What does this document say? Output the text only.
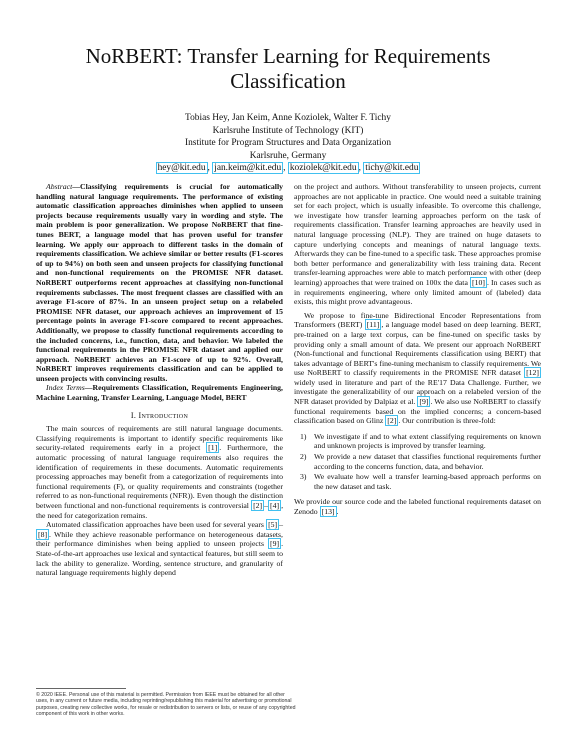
NoRBERT: Transfer Learning for Requirements
Classification
Tobias Hey, Jan Keim, Anne Koziolek, Walter F. Tichy
Karlsruhe Institute of Technology (KIT)
Institute for Program Structures and Data Organization
Karlsruhe, Germany
hey@kit.edu , jan.keim@kit.edu , koziolek@kit.edu , tichy@kit.edu

Abstract—Classifying requirements is crucial for automatically handling natural language requirements. The performance of existing automatic classification approaches diminishes when applied to unseen projects because requirements usually vary in wording and style. The main problem is poor generalization. We propose NoRBERT that fine-tunes BERT, a language model that has proven useful for transfer learning. We apply our approach to different tasks in the domain of requirements classification. We achieve similar or better results (F1-scores of up to 94%) on both seen and unseen projects for classifying functional and non-functional requirements on the PROMISE NFR dataset. NoRBERT outperforms recent approaches at classifying non-functional requirements subclasses. The most frequent classes are classified with an average F1-score of 87%. In an unseen project setup on a relabeled PROMISE NFR dataset, our approach achieves an improvement of 15 percentage points in average F1-score compared to recent approaches. Additionally, we propose to classify functional requirements according to the included concerns, i.e., function, data, and behavior. We labeled the functional requirements in the PROMISE NFR dataset and applied our approach. NoRBERT achieves an F1-score of up to 92%. Overall, NoRBERT improves requirements classification and can be applied to unseen projects with convincing results.

Index Terms—Requirements Classification, Requirements Engineering, Machine Learning, Transfer Learning, Language Model, BERT

I. Introduction

The main sources of requirements are still natural language documents. Classifying requirements is important to identify specific requirements like security-related requirements early in a project [1] . Furthermore, the automatic processing of natural language requirements also requires the identification of requirements in these documents. Automatic requirements processing approaches may benefit from a categorization of requirements into functional requirements (F), or quality requirements and constraints (together referred to as non-functional requirements (NFR)). Even though the distinction between functional and non-functional requirements is controversial [2] – [4] , the need for categorization remains.

Automated classification approaches have been used for several years [5] –[8] . While they achieve reasonable performance on heterogeneous datasets, their performance diminishes when being applied to unseen projects [9] . State-of-the-art approaches use lexical and syntactical features, but still seem to lack the ability to generalize. Wording, sentence structure, and granularity of natural language requirements highly depend

on the project and authors. Without transferability to unseen projects, current approaches are not applicable in practice. One would need a suitable training set for each project, which is usually infeasible. To overcome this challenge, we investigate how transfer learning approaches perform on the task of requirements classification. Transfer learning approaches are heavily used in natural language processing (NLP). They are trained on huge datasets to capture underlying concepts and meanings of natural language texts. Afterwards they can be fine-tuned to a specific task. These approaches promise both better performance and generalizability with less training data. Recent transfer-learning approaches were able to match performance with other (deep learning) approaches that were trained on 100x the data [10] . In cases such as in requirements engineering, where only limited amount of (labeled) data exists, this might prove advantageous.

We propose to fine-tune Bidirectional Encoder Representations from Transformers (BERT) [11] , a language model based on deep learning. BERT, pre-trained on a large text corpus, can be fine-tuned on specific tasks by providing only a small amount of data. We present our approach NoRBERT (Non-functional and functional Requirements classification using BERT) that takes advantage of BERT's fine-tuning mechanism to classify requirements. We use NoRBERT to classify requirements in the PROMISE NFR dataset [12] widely used in literature and part of the RE'17 Data Challenge. Further, we investigate the generalizability of our approach on a relabeled version of the NFR dataset provided by Dalpiaz et al. [9] . We also use NoRBERT to classify functional requirements based on the implied concerns; a concern-based classification based on Glinz [2] . Our contribution is three-fold:

1) We investigate if and to what extent classifying requirements on known and unknown projects is improved by transfer learning.
2) We provide a new dataset that classifies functional requirements further according to the concerns function, data, and behavior.
3) We evaluate how well a transfer learning-based approach performs on the new dataset and task.

We provide our source code and the labeled functional requirements dataset on Zenodo [13] .

© 2020 IEEE. Personal use of this material is permitted. Permission from IEEE must be obtained for all other uses, in any current or future media, including reprinting/republishing this material for advertising or promotional purposes, creating new collective works, for resale or redistribution to servers or lists, or reuse of any copyrighted component of this work in other works.
